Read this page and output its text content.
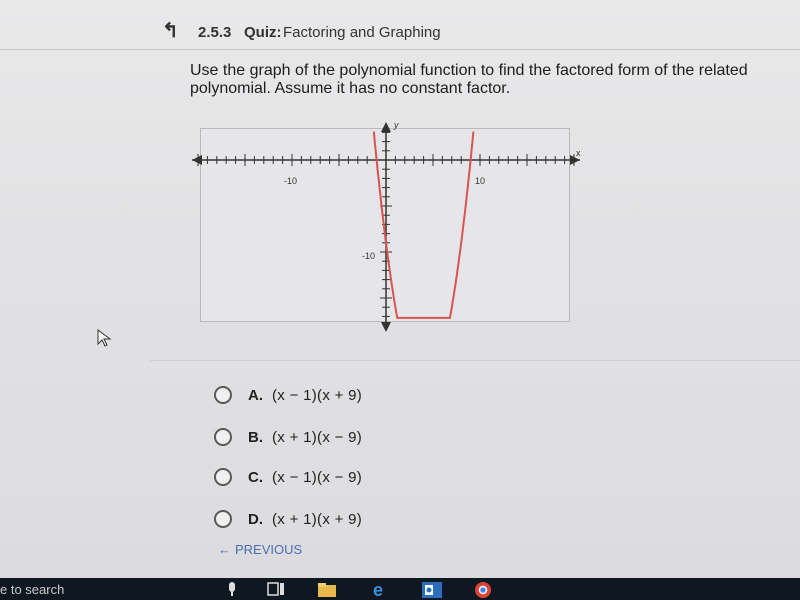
↰	2.5.3 Quiz: Factoring and Graphing
Use the graph of the polynomial function to find the factored form of the related polynomial. Assume it has no constant factor.
x
y
-10	10
-10
A. (x − 1)(x + 9)
B. (x + 1)(x − 9)
C. (x − 1)(x − 9)
D. (x + 1)(x + 9)
← PREVIOUS
e to search	e
